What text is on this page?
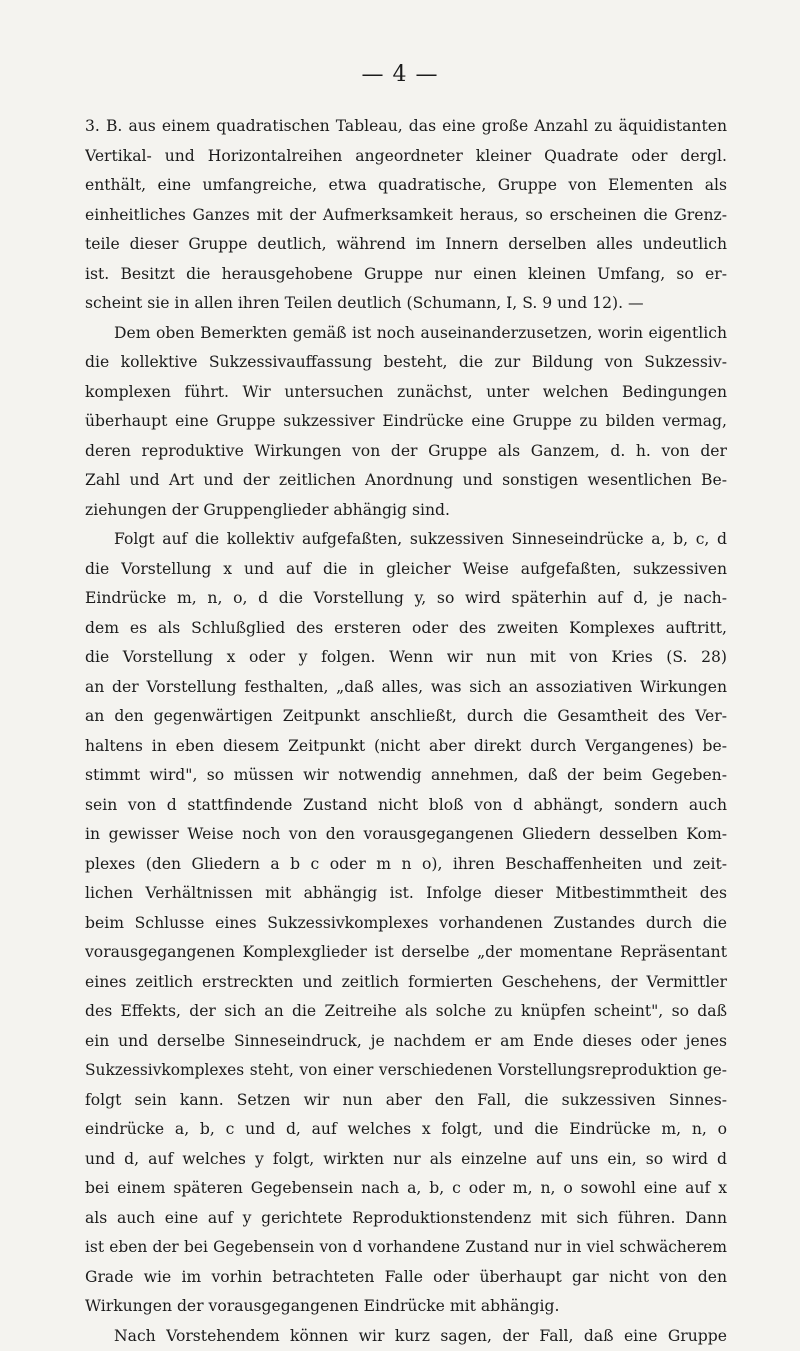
— 4 —
3. B. aus einem quadratischen Tableau, das eine große Anzahl zu äquidistanten
Vertikal- und Horizontalreihen angeordneter kleiner Quadrate oder dergl.
enthält, eine umfangreiche, etwa quadratische, Gruppe von Elementen als
einheitliches Ganzes mit der Aufmerksamkeit heraus, so erscheinen die Grenz-
teile dieser Gruppe deutlich, während im Innern derselben alles undeutlich
ist. Besitzt die herausgehobene Gruppe nur einen kleinen Umfang, so er-
scheint sie in allen ihren Teilen deutlich (Schumann, I, S. 9 und 12). —
Dem oben Bemerkten gemäß ist noch auseinanderzusetzen, worin eigentlich
die kollektive Sukzessivauffassung besteht, die zur Bildung von Sukzessiv-
komplexen führt. Wir untersuchen zunächst, unter welchen Bedingungen
überhaupt eine Gruppe sukzessiver Eindrücke eine Gruppe zu bilden vermag,
deren reproduktive Wirkungen von der Gruppe als Ganzem, d. h. von der
Zahl und Art und der zeitlichen Anordnung und sonstigen wesentlichen Be-
ziehungen der Gruppenglieder abhängig sind.
Folgt auf die kollektiv aufgefaßten, sukzessiven Sinneseindrücke a, b, c, d
die Vorstellung x und auf die in gleicher Weise aufgefaßten, sukzessiven
Eindrücke m, n, o, d die Vorstellung y, so wird späterhin auf d, je nach-
dem es als Schlußglied des ersteren oder des zweiten Komplexes auftritt,
die Vorstellung x oder y folgen. Wenn wir nun mit von Kries (S. 28)
an der Vorstellung festhalten, „daß alles, was sich an assoziativen Wirkungen
an den gegenwärtigen Zeitpunkt anschließt, durch die Gesamtheit des Ver-
haltens in eben diesem Zeitpunkt (nicht aber direkt durch Vergangenes) be-
stimmt wird", so müssen wir notwendig annehmen, daß der beim Gegeben-
sein von d stattfindende Zustand nicht bloß von d abhängt, sondern auch
in gewisser Weise noch von den vorausgegangenen Gliedern desselben Kom-
plexes (den Gliedern a b c oder m n o), ihren Beschaffenheiten und zeit-
lichen Verhältnissen mit abhängig ist. Infolge dieser Mitbestimmtheit des
beim Schlusse eines Sukzessivkomplexes vorhandenen Zustandes durch die
vorausgegangenen Komplexglieder ist derselbe „der momentane Repräsentant
eines zeitlich erstreckten und zeitlich formierten Geschehens, der Vermittler
des Effekts, der sich an die Zeitreihe als solche zu knüpfen scheint", so daß
ein und derselbe Sinneseindruck, je nachdem er am Ende dieses oder jenes
Sukzessivkomplexes steht, von einer verschiedenen Vorstellungsreproduktion ge-
folgt sein kann. Setzen wir nun aber den Fall, die sukzessiven Sinnes-
eindrücke a, b, c und d, auf welches x folgt, und die Eindrücke m, n, o
und d, auf welches y folgt, wirkten nur als einzelne auf uns ein, so wird d
bei einem späteren Gegebensein nach a, b, c oder m, n, o sowohl eine auf x
als auch eine auf y gerichtete Reproduktionstendenz mit sich führen. Dann
ist eben der bei Gegebensein von d vorhandene Zustand nur in viel schwächerem
Grade wie im vorhin betrachteten Falle oder überhaupt gar nicht von den
Wirkungen der vorausgegangenen Eindrücke mit abhängig.
Nach Vorstehendem können wir kurz sagen, der Fall, daß eine Gruppe
